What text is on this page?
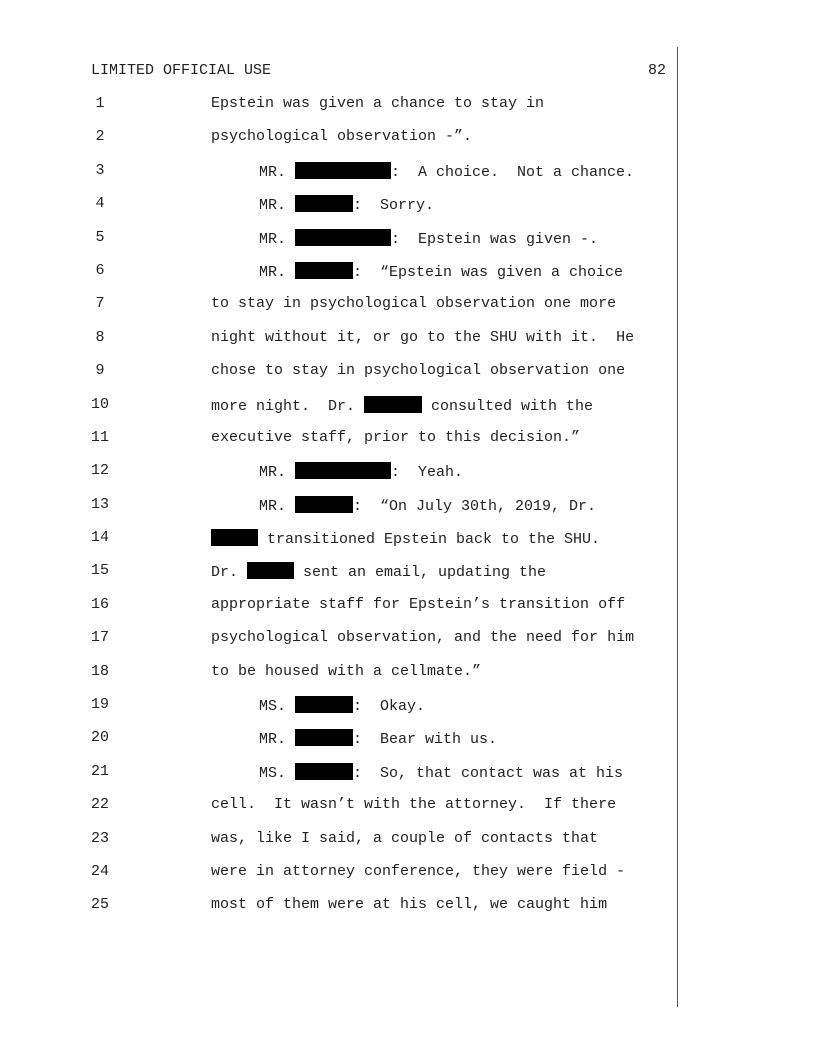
LIMITED OFFICIAL USE	82
1	Epstein was given a chance to stay in
2	psychological observation -”.
3	MR.	:  A choice.  Not a chance.
4	MR.	:  Sorry.
5	MR.	:  Epstein was given -.
6	MR.	:  “Epstein was given a choice
7	to stay in psychological observation one more
8	night without it, or go to the SHU with it.  He
9	chose to stay in psychological observation one
10	more night.  Dr.	consulted with the
11	executive staff, prior to this decision.”
12	MR.	:  Yeah.
13	MR.	:  “On July 30th, 2019, Dr.
14	transitioned Epstein back to the SHU.
15	Dr.	sent an email, updating the
16	appropriate staff for Epstein’s transition off
17	psychological observation, and the need for him
18	to be housed with a cellmate.”
19	MS.	:  Okay.
20	MR.	:  Bear with us.
21	MS.	:  So, that contact was at his
22	cell.  It wasn’t with the attorney.  If there
23	was, like I said, a couple of contacts that
24	were in attorney conference, they were field -
25	most of them were at his cell, we caught him
